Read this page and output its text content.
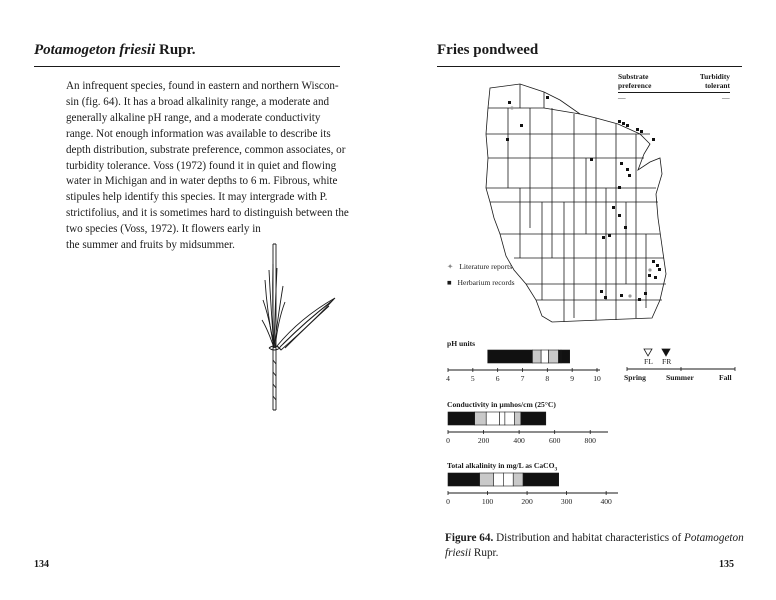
Potamogeton friesii Rupr.

An infrequent species, found in eastern and northern Wiscon-

sin (fig. 64). It has a broad alkalinity range, a moderate and

generally alkaline pH range, and a moderate conductivity

range. Not enough information was available to describe its

depth distribution, substrate preference, common associates, or

turbidity tolerance. Voss (1972) found it in quiet and flowing

water in Michigan and in water depths to 6 m. Fibrous, white

stipules help identify this species. It may intergrade with P.

strictifolius, and it is sometimes hard to distinguish between the

two species (Voss, 1972). It flowers early in

the summer and fruits by midsummer.

134
Fries pondweed
Substrate
preference
Turbidity
tolerant
—	—
✦ Literature reports
■ Herbarium records
pH units
4	5	6	7	8	9	10
FL FR
Spring	Summer	Fall
Conductivity in µmhos/cm (25°C)
0	200	400	600	800
Total alkalinity in mg/L as CaCO$_3$
0	100	200	300	400
Figure 64. Distribution and habitat characteristics of Potamogeton friesii Rupr.
135
